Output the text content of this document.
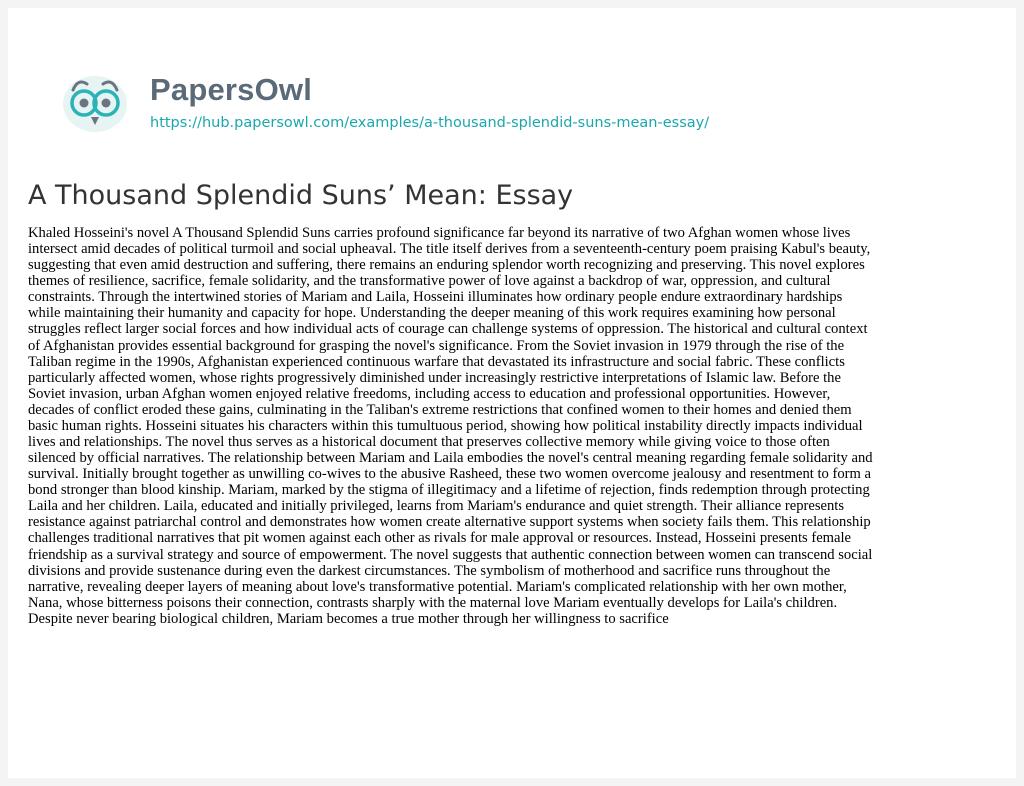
PapersOwl
https://hub.papersowl.com/examples/a-thousand-splendid-suns-mean-essay/
A Thousand Splendid Suns’ Mean: Essay

Khaled Hosseini's novel A Thousand Splendid Suns carries profound significance far beyond its narrative of two Afghan women whose lives
intersect amid decades of political turmoil and social upheaval. The title itself derives from a seventeenth-century poem praising Kabul's beauty,
suggesting that even amid destruction and suffering, there remains an enduring splendor worth recognizing and preserving. This novel explores
themes of resilience, sacrifice, female solidarity, and the transformative power of love against a backdrop of war, oppression, and cultural
constraints. Through the intertwined stories of Mariam and Laila, Hosseini illuminates how ordinary people endure extraordinary hardships
while maintaining their humanity and capacity for hope. Understanding the deeper meaning of this work requires examining how personal
struggles reflect larger social forces and how individual acts of courage can challenge systems of oppression. The historical and cultural context
of Afghanistan provides essential background for grasping the novel's significance. From the Soviet invasion in 1979 through the rise of the
Taliban regime in the 1990s, Afghanistan experienced continuous warfare that devastated its infrastructure and social fabric. These conflicts
particularly affected women, whose rights progressively diminished under increasingly restrictive interpretations of Islamic law. Before the
Soviet invasion, urban Afghan women enjoyed relative freedoms, including access to education and professional opportunities. However,
decades of conflict eroded these gains, culminating in the Taliban's extreme restrictions that confined women to their homes and denied them
basic human rights. Hosseini situates his characters within this tumultuous period, showing how political instability directly impacts individual
lives and relationships. The novel thus serves as a historical document that preserves collective memory while giving voice to those often
silenced by official narratives. The relationship between Mariam and Laila embodies the novel's central meaning regarding female solidarity and
survival. Initially brought together as unwilling co-wives to the abusive Rasheed, these two women overcome jealousy and resentment to form a
bond stronger than blood kinship. Mariam, marked by the stigma of illegitimacy and a lifetime of rejection, finds redemption through protecting
Laila and her children. Laila, educated and initially privileged, learns from Mariam's endurance and quiet strength. Their alliance represents
resistance against patriarchal control and demonstrates how women create alternative support systems when society fails them. This relationship
challenges traditional narratives that pit women against each other as rivals for male approval or resources. Instead, Hosseini presents female
friendship as a survival strategy and source of empowerment. The novel suggests that authentic connection between women can transcend social
divisions and provide sustenance during even the darkest circumstances. The symbolism of motherhood and sacrifice runs throughout the
narrative, revealing deeper layers of meaning about love's transformative potential. Mariam's complicated relationship with her own mother,
Nana, whose bitterness poisons their connection, contrasts sharply with the maternal love Mariam eventually develops for Laila's children.
Despite never bearing biological children, Mariam becomes a true mother through her willingness to sacrifice
